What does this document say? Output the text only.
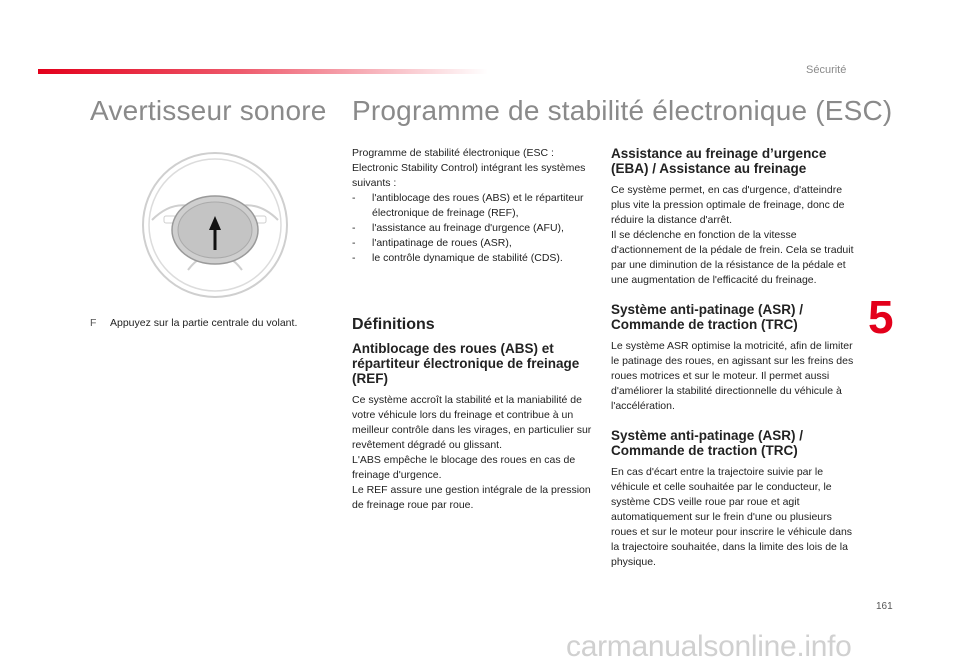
Sécurité
Avertisseur sonore Programme de stabilité électronique (ESC)
F Appuyez sur la partie centrale du volant.

Programme de stabilité électronique (ESC : Electronic Stability Control) intégrant les systèmes suivants :

- l'antiblocage des roues (ABS) et le répartiteur électronique de freinage (REF),
- l'assistance au freinage d'urgence (AFU),
- l'antipatinage de roues (ASR),
- le contrôle dynamique de stabilité (CDS).
Définitions
Antiblocage des roues (ABS) et répartiteur électronique de freinage (REF)

Ce système accroît la stabilité et la maniabilité de votre véhicule lors du freinage et contribue à un meilleur contrôle dans les virages, en particulier sur revêtement dégradé ou glissant.

L'ABS empêche le blocage des roues en cas de freinage d'urgence.

Le REF assure une gestion intégrale de la pression de freinage roue par roue.

Assistance au freinage d’urgence (EBA) / Assistance au freinage

Ce système permet, en cas d'urgence, d'atteindre plus vite la pression optimale de freinage, donc de réduire la distance d'arrêt.

Il se déclenche en fonction de la vitesse d'actionnement de la pédale de frein. Cela se traduit par une diminution de la résistance de la pédale et une augmentation de l'efficacité du freinage.

Système anti-patinage (ASR) / Commande de traction (TRC)

Le système ASR optimise la motricité, afin de limiter le patinage des roues, en agissant sur les freins des roues motrices et sur le moteur. Il permet aussi d'améliorer la stabilité directionnelle du véhicule à l'accélération.

Système anti-patinage (ASR) / Commande de traction (TRC)

En cas d'écart entre la trajectoire suivie par le véhicule et celle souhaitée par le conducteur, le système CDS veille roue par roue et agit automatiquement sur le frein d'une ou plusieurs roues et sur le moteur pour inscrire le véhicule dans la trajectoire souhaitée, dans la limite des lois de la physique.

5
161
carmanualsonline.info
